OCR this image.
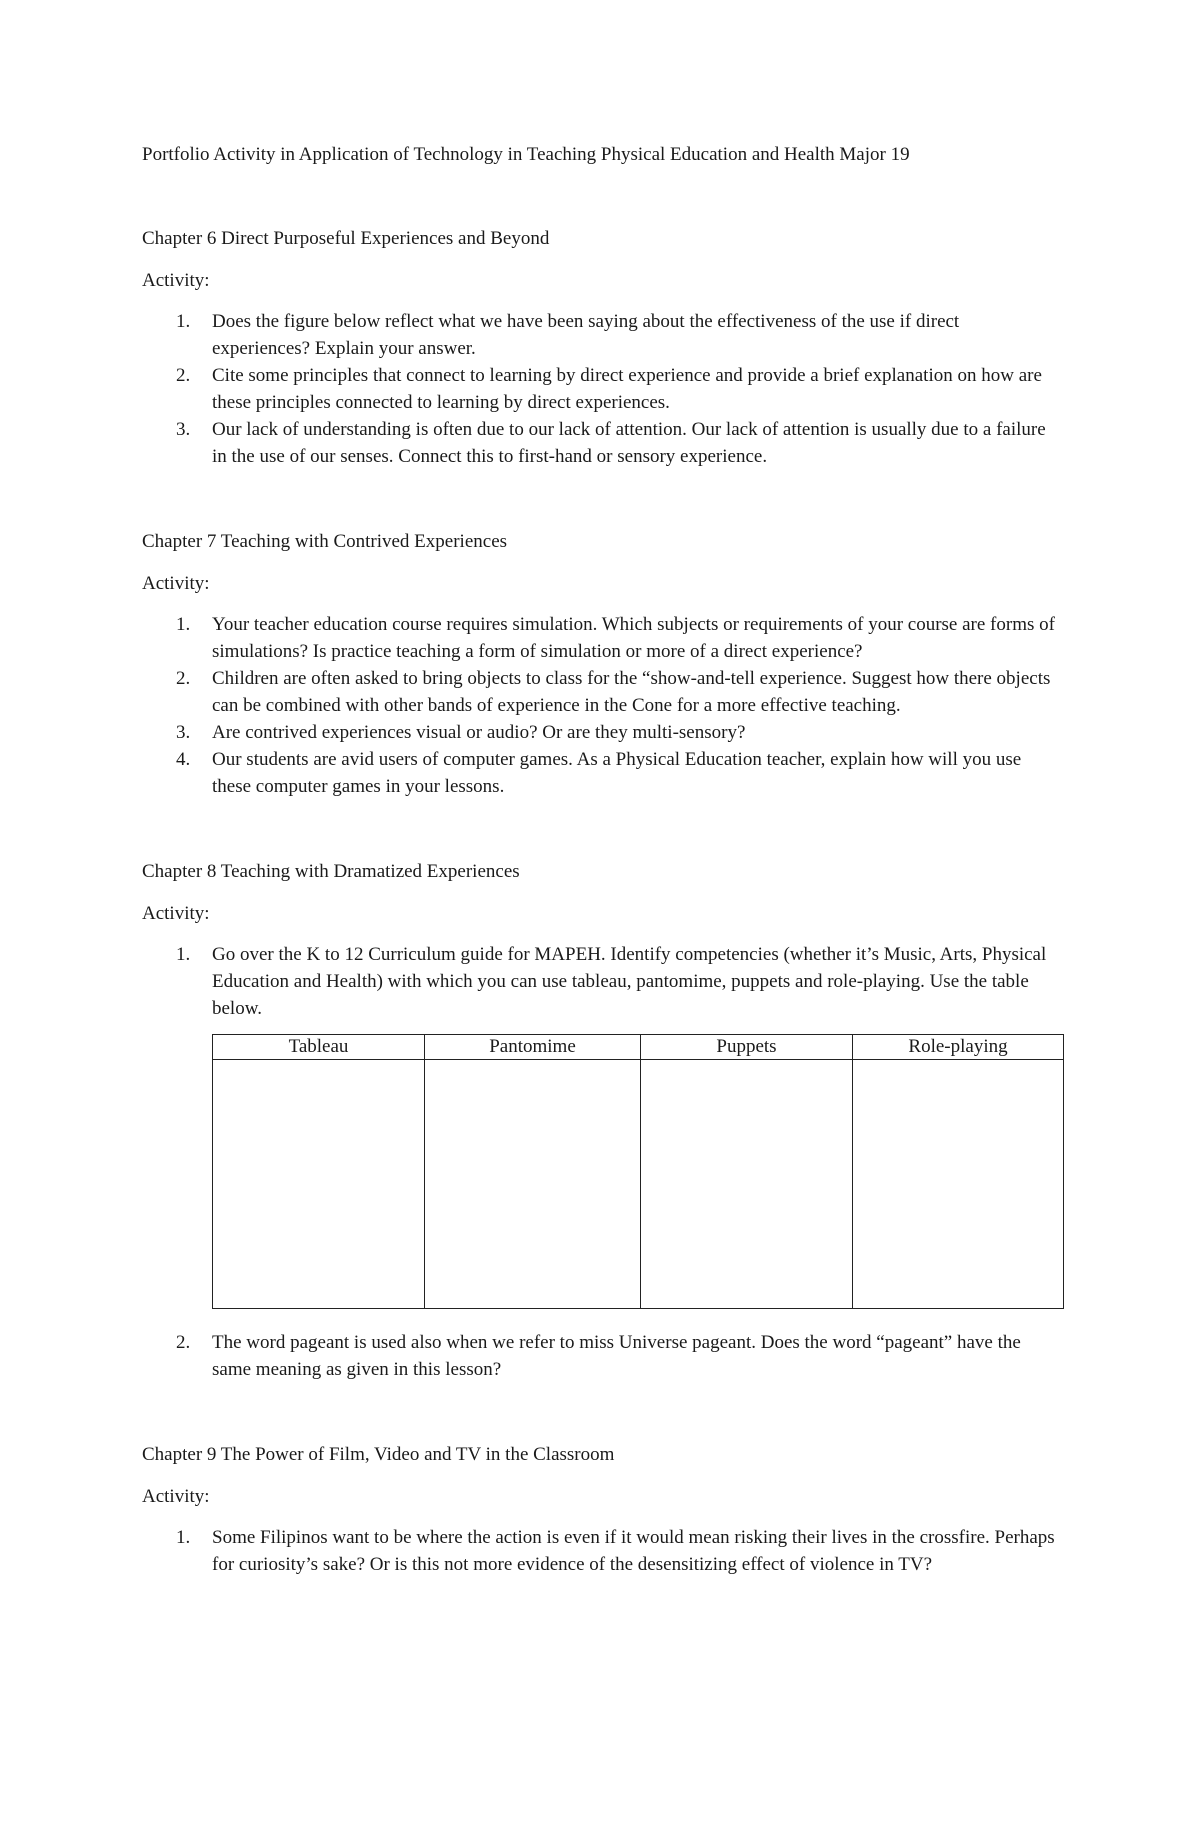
Portfolio Activity in Application of Technology in Teaching Physical Education and Health Major 19

Chapter 6 Direct Purposeful Experiences and Beyond

Activity:

1. Does the figure below reflect what we have been saying about the effectiveness of the use if direct experiences? Explain your answer.
2. Cite some principles that connect to learning by direct experience and provide a brief explanation on how are these principles connected to learning by direct experiences.
3. Our lack of understanding is often due to our lack of attention. Our lack of attention is usually due to a failure in the use of our senses. Connect this to first-hand or sensory experience.

Chapter 7 Teaching with Contrived Experiences

Activity:

1. Your teacher education course requires simulation. Which subjects or requirements of your course are forms of simulations? Is practice teaching a form of simulation or more of a direct experience?
2. Children are often asked to bring objects to class for the “show-and-tell experience. Suggest how there objects can be combined with other bands of experience in the Cone for a more effective teaching.
3. Are contrived experiences visual or audio? Or are they multi-sensory?
4. Our students are avid users of computer games. As a Physical Education teacher, explain how will you use these computer games in your lessons.

Chapter 8 Teaching with Dramatized Experiences

Activity:

1. Go over the K to 12 Curriculum guide for MAPEH. Identify competencies (whether it’s Music, Arts, Physical Education and Health) with which you can use tableau, pantomime, puppets and role-playing. Use the table below.
Tableau	Pantomime	Puppets	Role-playing

2. The word pageant is used also when we refer to miss Universe pageant. Does the word “pageant” have the same meaning as given in this lesson?

Chapter 9 The Power of Film, Video and TV in the Classroom

Activity:

1. Some Filipinos want to be where the action is even if it would mean risking their lives in the crossfire. Perhaps for curiosity’s sake? Or is this not more evidence of the desensitizing effect of violence in TV?
